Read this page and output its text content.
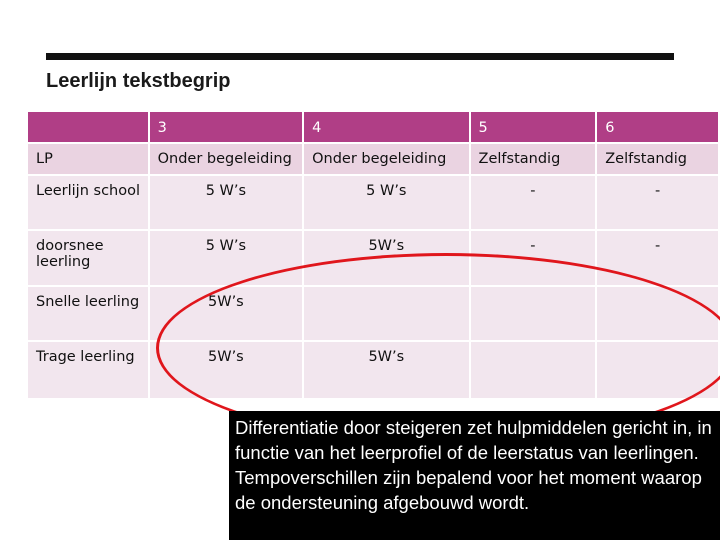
Leerlijn tekstbegrip
	3	4	5	6
LP	Onder begeleiding	Onder begeleiding	Zelfstandig	Zelfstandig
Leerlijn school	5 W’s	5 W’s	-	-
doorsnee leerling	5 W’s	5W’s	-	-
Snelle leerling	5W’s			
Trage leerling	5W’s	5W’s		
Differentiatie door steigeren zet hulpmiddelen gericht in, in functie van het leerprofiel of de leerstatus van leerlingen. Tempoverschillen zijn bepalend voor het moment waarop de ondersteuning afgebouwd wordt.
